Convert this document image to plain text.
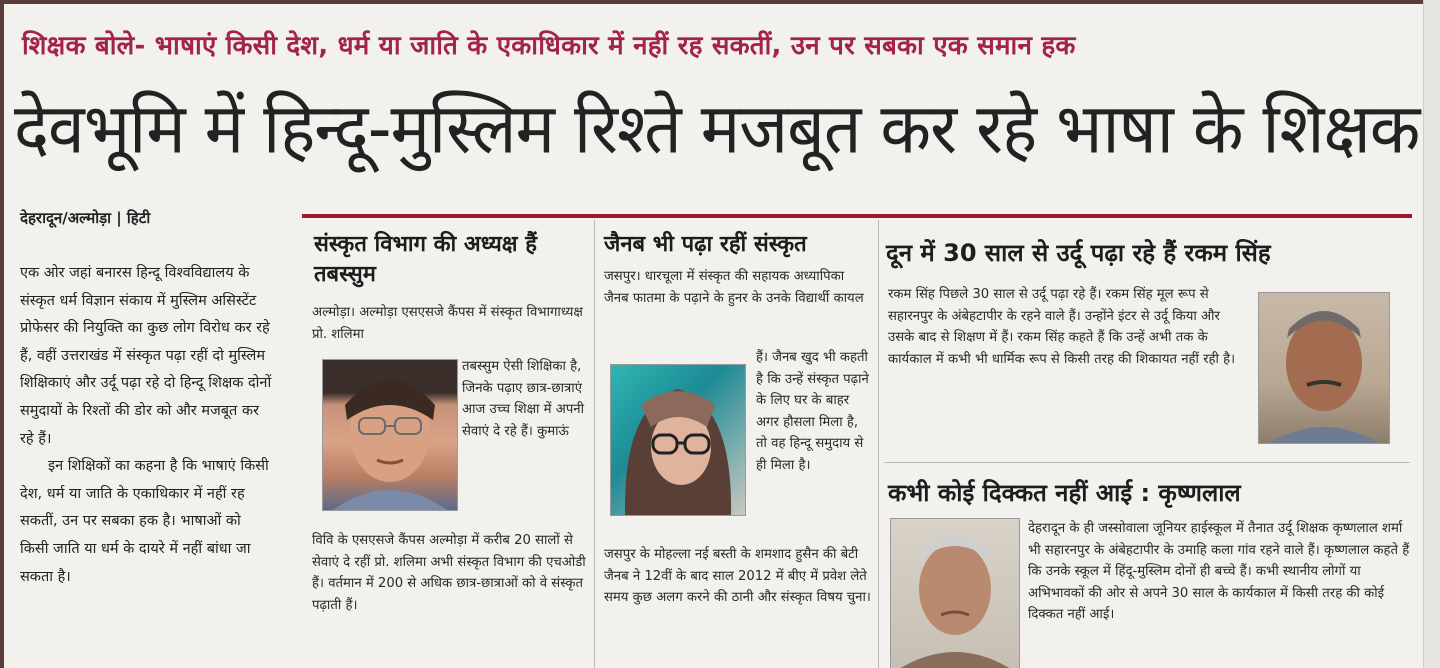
शिक्षक बोले- भाषाएं किसी देश, धर्म या जाति के एकाधिकार में नहीं रह सकतीं, उन पर सबका एक समान हक
देवभूमि में हिन्दू-मुस्लिम रिश्ते मजबूत कर रहे भाषा के शिक्षक
देहरादून/अल्मोड़ा | हिटी

एक ओर जहां बनारस हिन्दू विश्वविद्यालय के संस्कृत धर्म विज्ञान संकाय में मुस्लिम असिस्टेंट प्रोफेसर की नियुक्ति का कुछ लोग विरोध कर रहे हैं, वहीं उत्तराखंड में संस्कृत पढ़ा रहीं दो मुस्लिम शिक्षिकाएं और उर्दू पढ़ा रहे दो हिन्दू शिक्षक दोनों समुदायों के रिश्तों की डोर को और मजबूत कर रहे हैं।

इन शिक्षिकों का कहना है कि भाषाएं किसी देश, धर्म या जाति के एकाधिकार में नहीं रह सकतीं, उन पर सबका हक है। भाषाओं को किसी जाति या धर्म के दायरे में नहीं बांधा जा सकता है।

संस्कृत विभाग की अध्यक्ष हैं तबस्सुम
अल्मोड़ा। अल्मोड़ा एसएसजे कैंपस में संस्कृत विभागाध्यक्ष प्रो. शलिमा
तबस्सुम ऐसी शिक्षिका है, जिनके पढ़ाए छात्र-छात्राएं आज उच्च शिक्षा में अपनी सेवाएं दे रहे हैं। कुमाऊं
विवि के एसएसजे कैंपस अल्मोड़ा में करीब 20 सालों से सेवाएं दे रहीं प्रो. शलिमा अभी संस्कृत विभाग की एचओडी हैं। वर्तमान में 200 से अधिक छात्र-छात्राओं को वे संस्कृत पढ़ाती हैं।
जैनब भी पढ़ा रहीं संस्कृत
जसपुर। धारचूला में संस्कृत की सहायक अध्यापिका जैनब फातमा के पढ़ाने के हुनर के उनके विद्यार्थी कायल
हैं। जैनब खुद भी कहती है कि उन्हें संस्कृत पढ़ाने के लिए घर के बाहर अगर हौसला मिला है, तो वह हिन्दू समुदाय से ही मिला है।
जसपुर के मोहल्ला नई बस्ती के शमशाद हुसैन की बेटी जैनब ने 12वीं के बाद साल 2012 में बीए में प्रवेश लेते समय कुछ अलग करने की ठानी और संस्कृत विषय चुना।
दून में 30 साल से उर्दू पढ़ा रहे हैं रकम सिंह
रकम सिंह पिछले 30 साल से उर्दू पढ़ा रहे हैं। रकम सिंह मूल रूप से सहारनपुर के अंबेहटापीर के रहने वाले हैं। उन्होंने इंटर से उर्दू किया और उसके बाद से शिक्षण में हैं। रकम सिंह कहते हैं कि उन्हें अभी तक के कार्यकाल में कभी भी धार्मिक रूप से किसी तरह की शिकायत नहीं रही है।
कभी कोई दिक्कत नहीं आई : कृष्णलाल
देहरादून के ही जस्सोवाला जूनियर हाईस्कूल में तैनात उर्दू शिक्षक कृष्णलाल शर्मा भी सहारनपुर के अंबेहटापीर के उमाहि कला गांव रहने वाले हैं। कृष्णलाल कहते हैं कि उनके स्कूल में हिंदू-मुस्लिम दोनों ही बच्चे हैं। कभी स्थानीय लोगों या अभिभावकों की ओर से अपने 30 साल के कार्यकाल में किसी तरह की कोई दिक्कत नहीं आई।
